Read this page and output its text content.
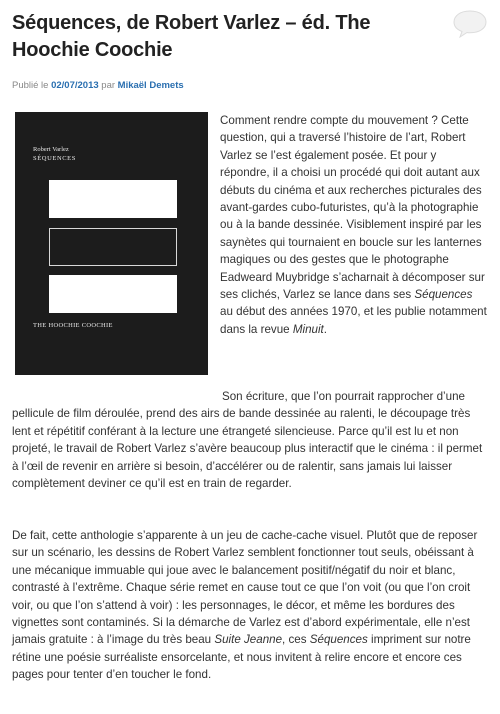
Séquences, de Robert Varlez – éd. The Hoochie Coochie
Publié le 02/07/2013 par Mikaël Demets
Robert Varlez
SÉQUENCES
THE HOOCHIE COOCHIE

Comment rendre compte du mouvement ? Cette question, qui a traversé l’histoire de l’art, Robert Varlez se l’est également posée. Et pour y répondre, il a choisi un procédé qui doit autant aux débuts du cinéma et aux recherches picturales des avant-gardes cubo-futuristes, qu’à la photographie ou à la bande dessinée. Visiblement inspiré par les saynètes qui tournaient en boucle sur les lanternes magiques ou des gestes que le photographe Eadweard Muybridge s’acharnait à décomposer sur ses clichés, Varlez se lance dans ses Séquences au début des années 1970, et les publie notamment dans la revue Minuit.

Son écriture, que l’on pourrait rapprocher d’une pellicule de film déroulée, prend des airs de bande dessinée au ralenti, le découpage très lent et répétitif conférant à la lecture une étrangeté silencieuse. Parce qu’il est lu et non projeté, le travail de Robert Varlez s’avère beaucoup plus interactif que le cinéma : il permet à l’œil de revenir en arrière si besoin, d’accélérer ou de ralentir, sans jamais lui laisser complètement deviner ce qu’il est en train de regarder.

De fait, cette anthologie s’apparente à un jeu de cache-cache visuel. Plutôt que de reposer sur un scénario, les dessins de Robert Varlez semblent fonctionner tout seuls, obéissant à une mécanique immuable qui joue avec le balancement positif/négatif du noir et blanc, contrasté à l’extrême. Chaque série remet en cause tout ce que l’on voit (ou que l’on croit voir, ou que l’on s’attend à voir) : les personnages, le décor, et même les bordures des vignettes sont contaminés. Si la démarche de Varlez est d’abord expérimentale, elle n’est jamais gratuite : à l’image du très beau Suite Jeanne, ces Séquences impriment sur notre rétine une poésie surréaliste ensorcelante, et nous invitent à relire encore et encore ces pages pour tenter d’en toucher le fond.
